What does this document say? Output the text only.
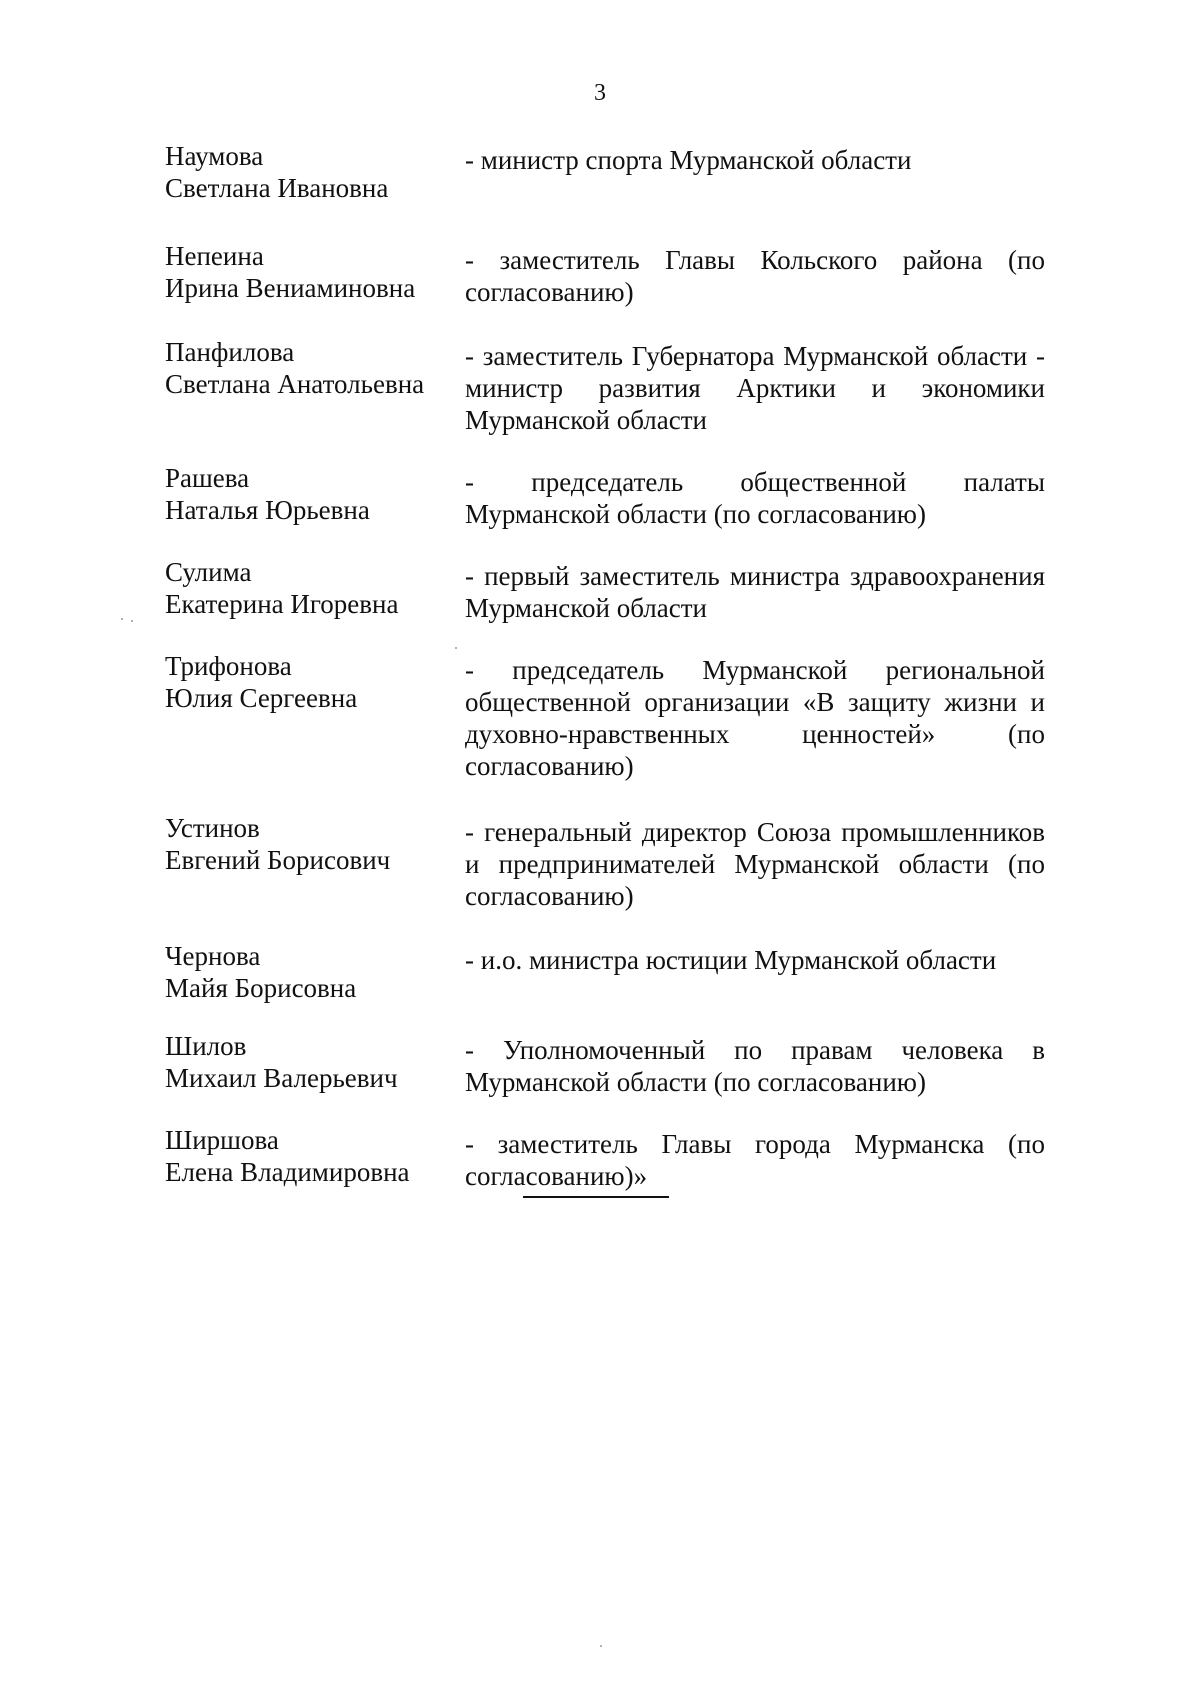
3
Наумова
Светлана Ивановна
- министр спорта Мурманской области
Непеина
Ирина Вениаминовна
- заместитель Главы Кольского района (по согласованию)
Панфилова
Светлана Анатольевна
- заместитель Губернатора Мурманской области - министр развития Арктики и экономики Мурманской области
Рашева
Наталья Юрьевна
- председатель общественной палаты Мурманской области (по согласованию)
Сулима
Екатерина Игоревна
- первый заместитель министра здравоохранения Мурманской области
Трифонова
Юлия Сергеевна
- председатель Мурманской региональной общественной организации «В защиту жизни и духовно-нравственных ценностей» (по согласованию)
Устинов
Евгений Борисович
- генеральный директор Союза промышленников и предпринимателей Мурманской области (по согласованию)
Чернова
Майя Борисовна
- и.о. министра юстиции Мурманской области
Шилов
Михаил Валерьевич
- Уполномоченный по правам человека в Мурманской области (по согласованию)
Ширшова
Елена Владимировна
- заместитель Главы города Мурманска (по согласованию)»
